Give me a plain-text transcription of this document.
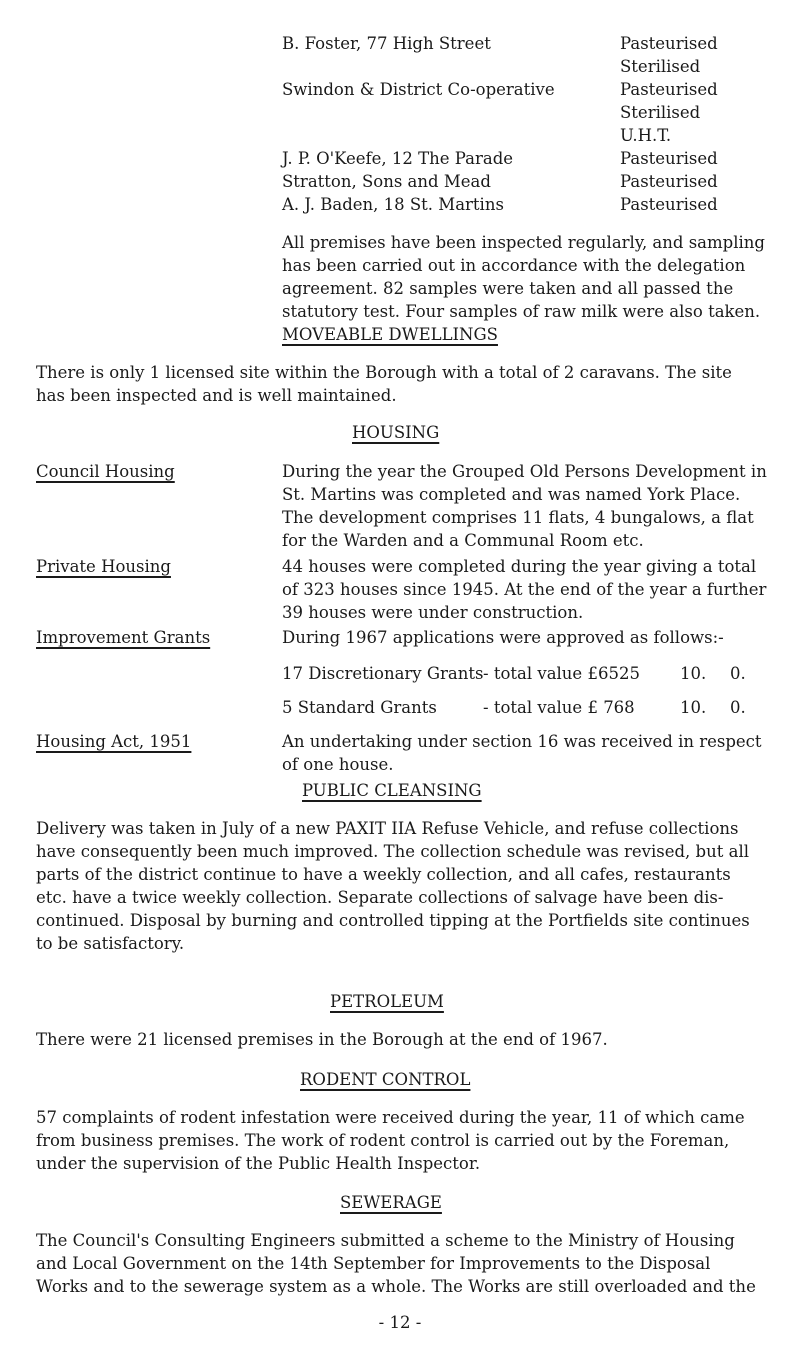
B. Foster, 77 High Street	Pasteurised
Sterilised
Swindon & District Co-operative	Pasteurised
Sterilised
U.H.T.
J. P. O'Keefe, 12 The Parade	Pasteurised
Stratton, Sons and Mead	Pasteurised
A. J. Baden, 18 St. Martins	Pasteurised

All premises have been inspected regularly, and sampling has been carried out in accordance with the delegation agreement. 82 samples were taken and all passed the statutory test. Four samples of raw milk were also taken.

MOVEABLE DWELLINGS

There is only 1 licensed site within the Borough with a total of 2 caravans. The site has been inspected and is well maintained.

HOUSING
Council Housing	During the year the Grouped Old Persons Development in St. Martins was completed and was named York Place. The development comprises 11 flats, 4 bungalows, a flat for the Warden and a Communal Room etc.

Private Housing	44 houses were completed during the year giving a total of 323 houses since 1945. At the end of the year a further 39 houses were under construction.

Improvement Grants	During 1967 applications were approved as follows:-

17 Discretionary Grants - total value £6525 10. 0.
5 Standard Grants	- total value £ 768	10. 0.
Housing Act, 1951	An undertaking under section 16 was received in respect of one house.

PUBLIC CLEANSING

Delivery was taken in July of a new PAXIT IIA Refuse Vehicle, and refuse collections have consequently been much improved. The collection schedule was revised, but all parts of the district continue to have a weekly collection, and all cafes, restaurants etc. have a twice weekly collection. Separate collections of salvage have been dis-continued. Disposal by burning and controlled tipping at the Portfields site continues to be satisfactory.

PETROLEUM

There were 21 licensed premises in the Borough at the end of 1967.

RODENT CONTROL

57 complaints of rodent infestation were received during the year, 11 of which came from business premises. The work of rodent control is carried out by the Foreman, under the supervision of the Public Health Inspector.

SEWERAGE

The Council's Consulting Engineers submitted a scheme to the Ministry of Housing and Local Government on the 14th September for Improvements to the Disposal Works and to the sewerage system as a whole. The Works are still overloaded and the

- 12 -
